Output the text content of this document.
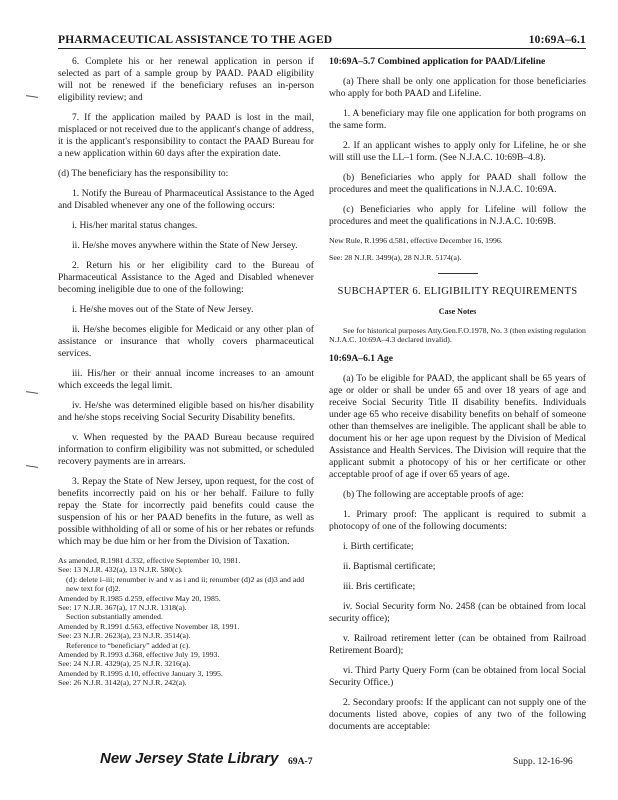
PHARMACEUTICAL ASSISTANCE TO THE AGED	10:69A–6.1

6. Complete his or her renewal application in person if selected as part of a sample group by PAAD. PAAD eligibility will not be renewed if the beneficiary refuses an in-person eligibility review; and

7. If the application mailed by PAAD is lost in the mail, misplaced or not received due to the applicant's change of address, it is the applicant's responsibility to contact the PAAD Bureau for a new application within 60 days after the expiration date.

(d) The beneficiary has the responsibility to:

1. Notify the Bureau of Pharmaceutical Assistance to the Aged and Disabled whenever any one of the following occurs:

i. His/her marital status changes.

ii. He/she moves anywhere within the State of New Jersey.

2. Return his or her eligibility card to the Bureau of Pharmaceutical Assistance to the Aged and Disabled whenever becoming ineligible due to one of the following:

i. He/she moves out of the State of New Jersey.

ii. He/she becomes eligible for Medicaid or any other plan of assistance or insurance that wholly covers pharmaceutical services.

iii. His/her or their annual income increases to an amount which exceeds the legal limit.

iv. He/she was determined eligible based on his/her disability and he/she stops receiving Social Security Disability benefits.

v. When requested by the PAAD Bureau because required information to confirm eligibility was not submitted, or scheduled recovery payments are in arrears.

3. Repay the State of New Jersey, upon request, for the cost of benefits incorrectly paid on his or her behalf. Failure to fully repay the State for incorrectly paid benefits could cause the suspension of his or her PAAD benefits in the future, as well as possible withholding of all or some of his or her rebates or refunds which may be due him or her from the Division of Taxation.

As amended, R.1981 d.332, effective September 10, 1981.

See: 13 N.J.R. 432(a), 13 N.J.R. 580(c).

(d): delete i–iii; renumber iv and v as i and ii; renumber (d)2 as (d)3 and add new text for (d)2.

Amended by R.1985 d.259, effective May 20, 1985.

See: 17 N.J.R. 367(a), 17 N.J.R. 1318(a).

Section substantially amended.

Amended by R.1991 d.563, effective November 18, 1991.

See: 23 N.J.R. 2623(a), 23 N.J.R. 3514(a).

Reference to “beneficiary” added at (c).

Amended by R.1993 d.368, effective July 19, 1993.

See: 24 N.J.R. 4329(a), 25 N.J.R. 3216(a).

Amended by R.1995 d.10, effective January 3, 1995.

See: 26 N.J.R. 3142(a), 27 N.J.R. 242(a).

10:69A–5.7 Combined application for PAAD/Lifeline

(a) There shall be only one application for those beneficiaries who apply for both PAAD and Lifeline.

1. A beneficiary may file one application for both programs on the same form.

2. If an applicant wishes to apply only for Lifeline, he or she will still use the LL–1 form. (See N.J.A.C. 10:69B–4.8).

(b) Beneficiaries who apply for PAAD shall follow the procedures and meet the qualifications in N.J.A.C. 10:69A.

(c) Beneficiaries who apply for Lifeline will follow the procedures and meet the qualifications in N.J.A.C. 10:69B.

New Rule, R.1996 d.581, effective December 16, 1996.

See: 28 N.J.R. 3499(a), 28 N.J.R. 5174(a).

SUBCHAPTER 6. ELIGIBILITY REQUIREMENTS

Case Notes

See for historical purposes Atty.Gen.F.O.1978, No. 3 (then existing regulation N.J.A.C. 10:69A–4.3 declared invalid).

10:69A–6.1 Age

(a) To be eligible for PAAD, the applicant shall be 65 years of age or older or shall be under 65 and over 18 years of age and receive Social Security Title II disability benefits. Individuals under age 65 who receive disability benefits on behalf of someone other than themselves are ineligible. The applicant shall be able to document his or her age upon request by the Division of Medical Assistance and Health Services. The Division will require that the applicant submit a photocopy of his or her certificate or other acceptable proof of age if over 65 years of age.

(b) The following are acceptable proofs of age:

1. Primary proof: The applicant is required to submit a photocopy of one of the following documents:

i. Birth certificate;

ii. Baptismal certificate;

iii. Bris certificate;

iv. Social Security form No. 2458 (can be obtained from local security office);

v. Railroad retirement letter (can be obtained from Railroad Retirement Board);

vi. Third Party Query Form (can be obtained from local Social Security Office.)

2. Secondary proofs: If the applicant can not supply one of the documents listed above, copies of any two of the following documents are acceptable:

New Jersey State Library 69A-7	Supp. 12-16-96
